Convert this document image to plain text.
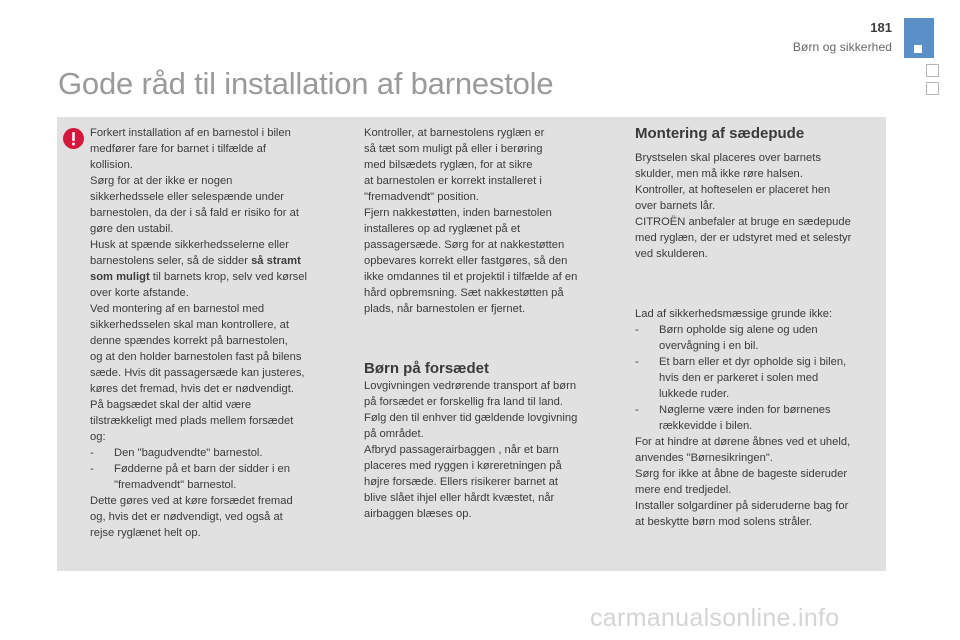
181
Børn og sikkerhed
Gode råd til installation af barnestole
Forkert installation af en barnestol i bilen
medfører fare for barnet i tilfælde af
kollision.
Sørg for at der ikke er nogen
sikkerhedssele eller selespænde under
barnestolen, da der i så fald er risiko for at
gøre den ustabil.
Husk at spænde sikkerhedsselerne eller
barnestolens seler, så de sidder så stramt
som muligt til barnets krop, selv ved kørsel
over korte afstande.
Ved montering af en barnestol med
sikkerhedsselen skal man kontrollere, at
denne spændes korrekt på barnestolen,
og at den holder barnestolen fast på bilens
sæde. Hvis dit passagersæde kan justeres,
køres det fremad, hvis det er nødvendigt.
På bagsædet skal der altid være
tilstrækkeligt med plads mellem forsædet
og:
- Den "bagudvendte" barnestol.
- Fødderne på et barn der sidder i en
"fremadvendt" barnestol.
Dette gøres ved at køre forsædet fremad
og, hvis det er nødvendigt, ved også at
rejse ryglænet helt op.
Kontroller, at barnestolens ryglæn er
så tæt som muligt på eller i berøring
med bilsædets ryglæn, for at sikre
at barnestolen er korrekt installeret i
"fremadvendt" position.
Fjern nakkestøtten, inden barnestolen
installeres op ad ryglænet på et
passagersæde. Sørg for at nakkestøtten
opbevares korrekt eller fastgøres, så den
ikke omdannes til et projektil i tilfælde af en
hård opbremsning. Sæt nakkestøtten på
plads, når barnestolen er fjernet.
Børn på forsædet
Lovgivningen vedrørende transport af børn
på forsædet er forskellig fra land til land.
Følg den til enhver tid gældende lovgivning
på området.
Afbryd passagerairbaggen , når et barn
placeres med ryggen i køreretningen på
højre forsæde. Ellers risikerer barnet at
blive slået ihjel eller hårdt kvæstet, når
airbaggen blæses op.
Montering af sædepude
Brystselen skal placeres over barnets
skulder, men må ikke røre halsen.
Kontroller, at hofteselen er placeret hen
over barnets lår.
CITROËN anbefaler at bruge en sædepude
med ryglæn, der er udstyret med et selestyr
ved skulderen.
Lad af sikkerhedsmæssige grunde ikke:
- Børn opholde sig alene og uden
overvågning i en bil.
- Et barn eller et dyr opholde sig i bilen,
hvis den er parkeret i solen med
lukkede ruder.
- Nøglerne være inden for børnenes
rækkevidde i bilen.
For at hindre at dørene åbnes ved et uheld,
anvendes "Børnesikringen".
Sørg for ikke at åbne de bageste sideruder
mere end tredjedel.
Installer solgardiner på sideruderne bag for
at beskytte børn mod solens stråler.
carmanualsonline.info
